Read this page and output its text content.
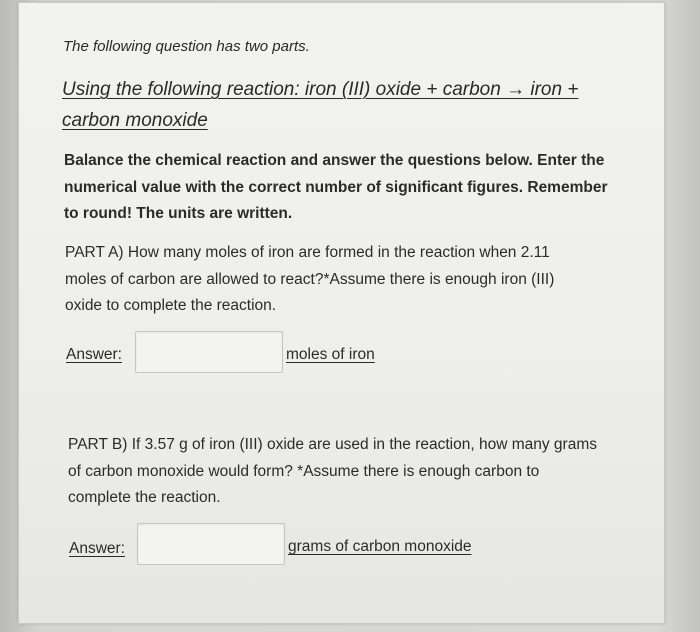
The following question has two parts.
Using the following reaction: iron (III) oxide + carbon → iron +
carbon monoxide
Balance the chemical reaction and answer the questions below. Enter the
numerical value with the correct number of significant figures. Remember
to round! The units are written.
PART A) How many moles of iron are formed in the reaction when 2.11
moles of carbon are allowed to react?*Assume there is enough iron (III)
oxide to complete the reaction.
Answer:	moles of iron
PART B) If 3.57 g of iron (III) oxide are used in the reaction, how many grams
of carbon monoxide would form? *Assume there is enough carbon to
complete the reaction.
Answer:	grams of carbon monoxide
